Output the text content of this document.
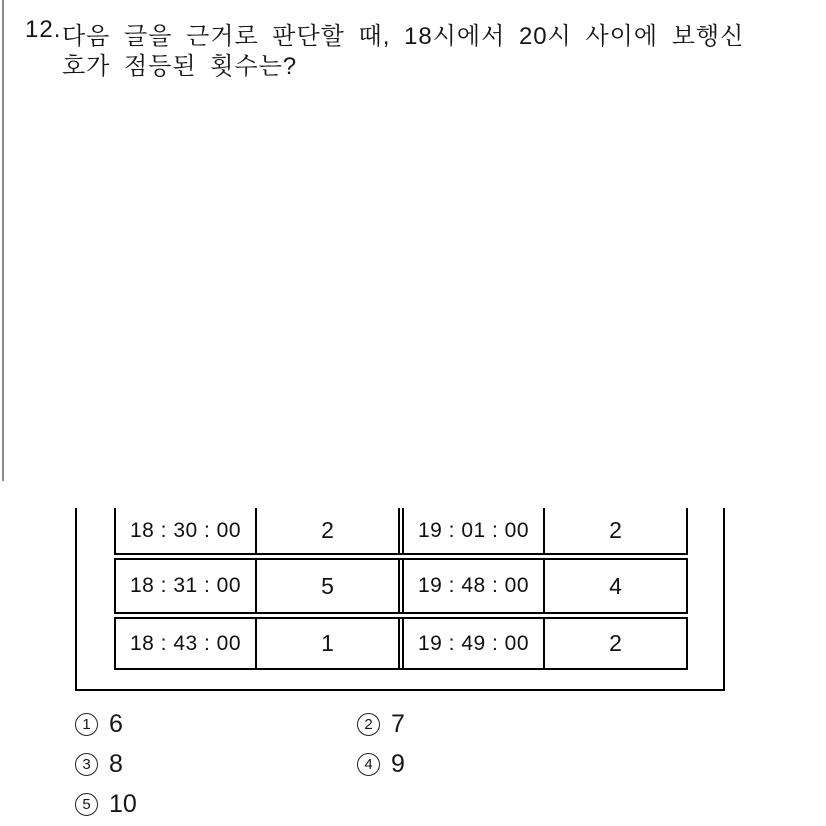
12. 다음 글을 근거로 판단할 때, 18시에서 20시 사이에 보행신
호가 점등된 횟수는?
18 : 30 : 00	2	19 : 01 : 00	2
18 : 31 : 00	5	19 : 48 : 00	4
18 : 43 : 00	1	19 : 49 : 00	2
1 6	2 7
3 8	4 9
5 10
